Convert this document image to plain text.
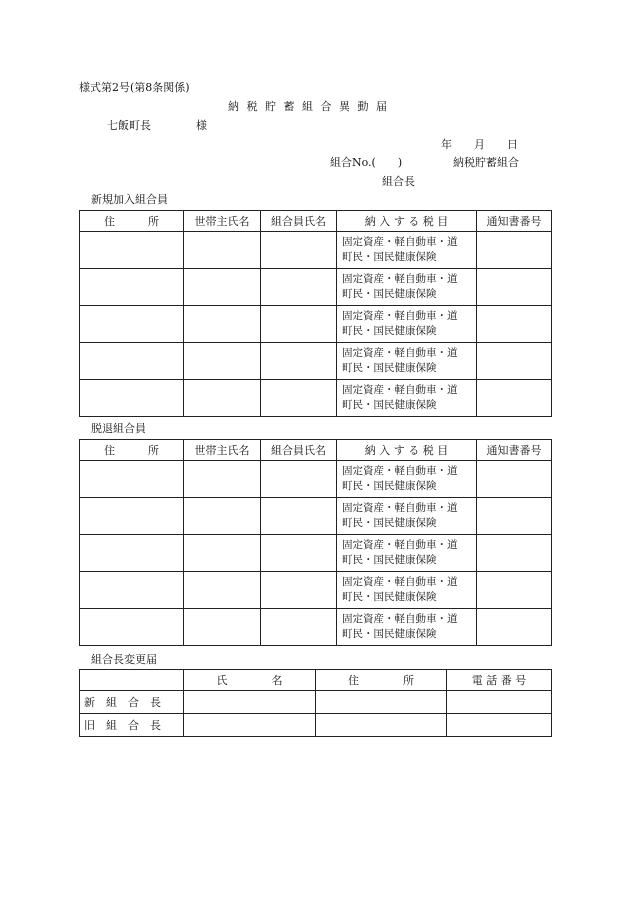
様式第2号(第8条関係)
納 税 貯 蓄 組 合 異 動 届
七飯町長	様
年　　月　　日
組合No.(　　)	納税貯蓄組合
組合長
新規加入組合員
住　　　所	世帯主氏名	組合員氏名	納 入 す る 税 目	通知書番号

			固定資産・軽自動車・道
町民・国民健康保険	

			固定資産・軽自動車・道
町民・国民健康保険	

			固定資産・軽自動車・道
町民・国民健康保険	

			固定資産・軽自動車・道
町民・国民健康保険	

			固定資産・軽自動車・道
町民・国民健康保険	

脱退組合員
住　　　所	世帯主氏名	組合員氏名	納 入 す る 税 目	通知書番号

			固定資産・軽自動車・道
町民・国民健康保険	

			固定資産・軽自動車・道
町民・国民健康保険	

			固定資産・軽自動車・道
町民・国民健康保険	

			固定資産・軽自動車・道
町民・国民健康保険	

			固定資産・軽自動車・道
町民・国民健康保険	

組合長変更届
	氏　　　　名	住　　　　所	電 話 番 号
新　組　合　長			
旧　組　合　長			
